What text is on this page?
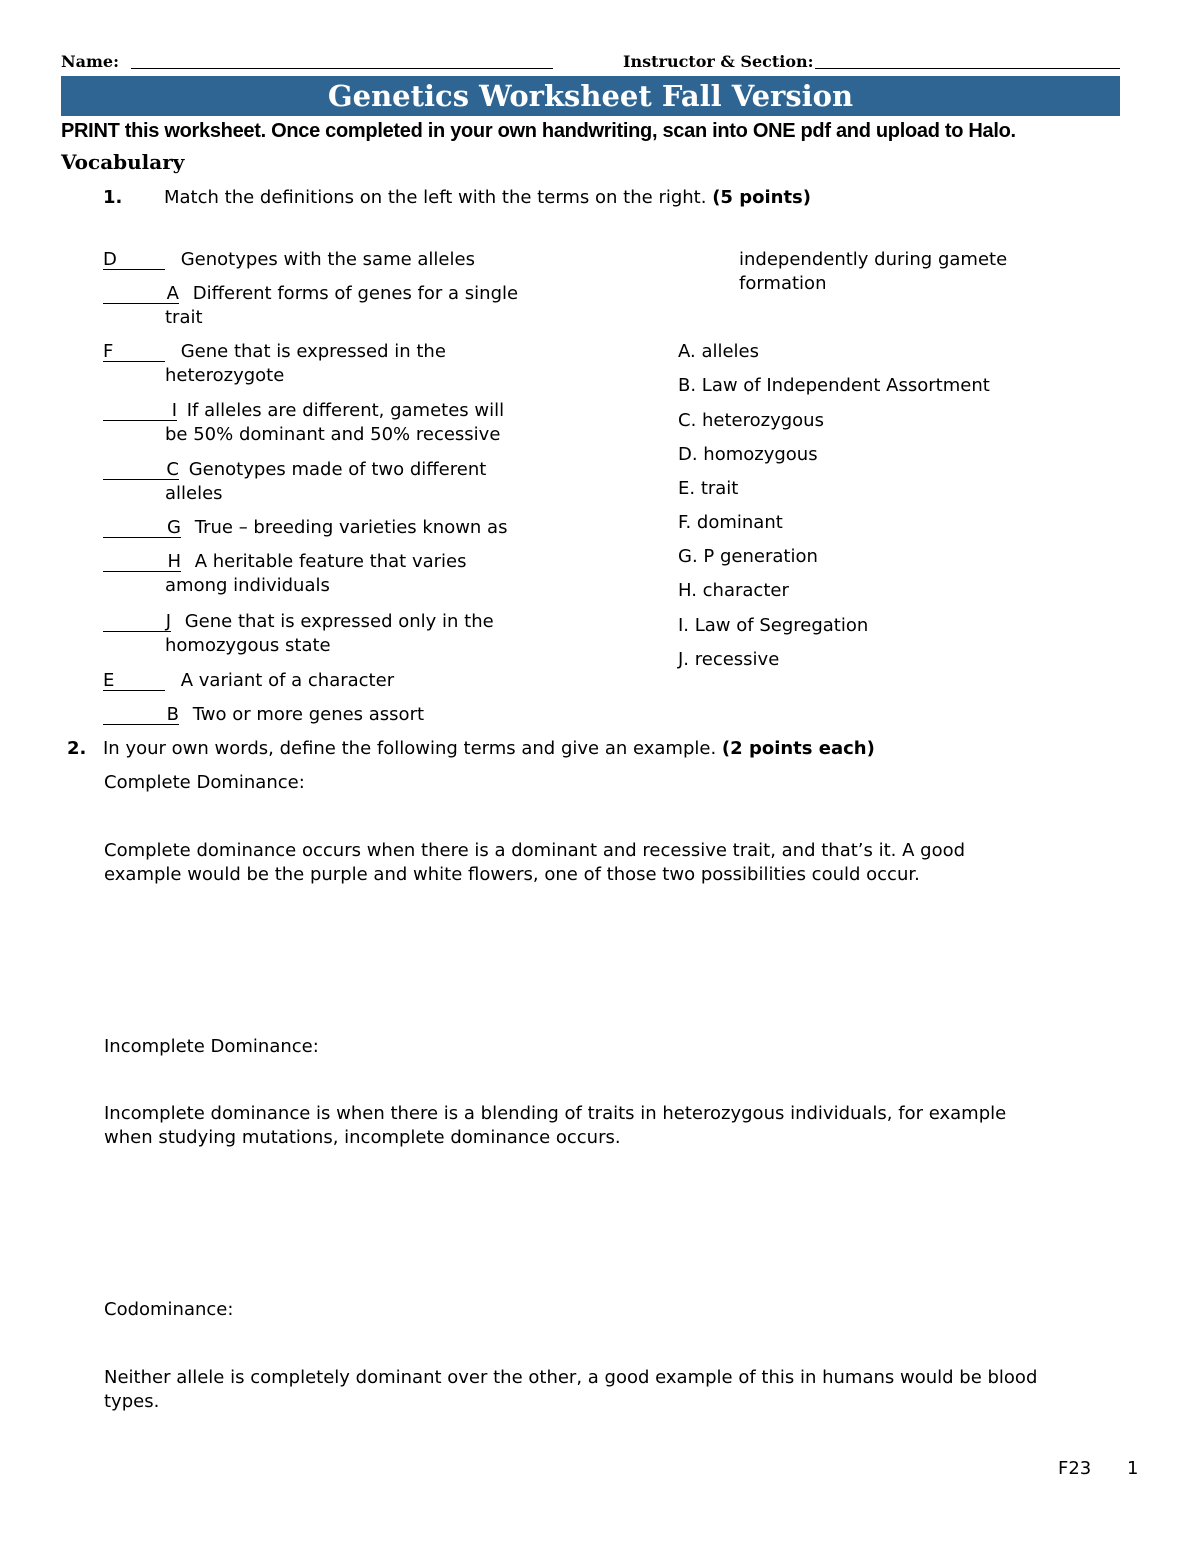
Name:	Instructor & Section:
Genetics Worksheet Fall Version
PRINT this worksheet. Once completed in your own handwriting, scan into ONE pdf and upload to Halo.
Vocabulary
1. Match the definitions on the left with the terms on the right. (5 points)
D	Genotypes with the same alleles
A Different forms of genes for a single
trait
F	Gene that is expressed in the
heterozygote
I If alleles are different, gametes will
be 50% dominant and 50% recessive
C Genotypes made of two different
alleles
G True – breeding varieties known as
H A heritable feature that varies
among individuals
J Gene that is expressed only in the
homozygous state
E	A variant of a character
B Two or more genes assort
independently during gamete
formation
A. alleles
B. Law of Independent Assortment
C. heterozygous
D. homozygous
E. trait
F. dominant
G. P generation
H. character
I. Law of Segregation
J. recessive
2. In your own words, define the following terms and give an example. (2 points each)
Complete Dominance:
Complete dominance occurs when there is a dominant and recessive trait, and that’s it. A good
example would be the purple and white flowers, one of those two possibilities could occur.
Incomplete Dominance:
Incomplete dominance is when there is a blending of traits in heterozygous individuals, for example
when studying mutations, incomplete dominance occurs.
Codominance:
Neither allele is completely dominant over the other, a good example of this in humans would be blood
types.
F23 1
